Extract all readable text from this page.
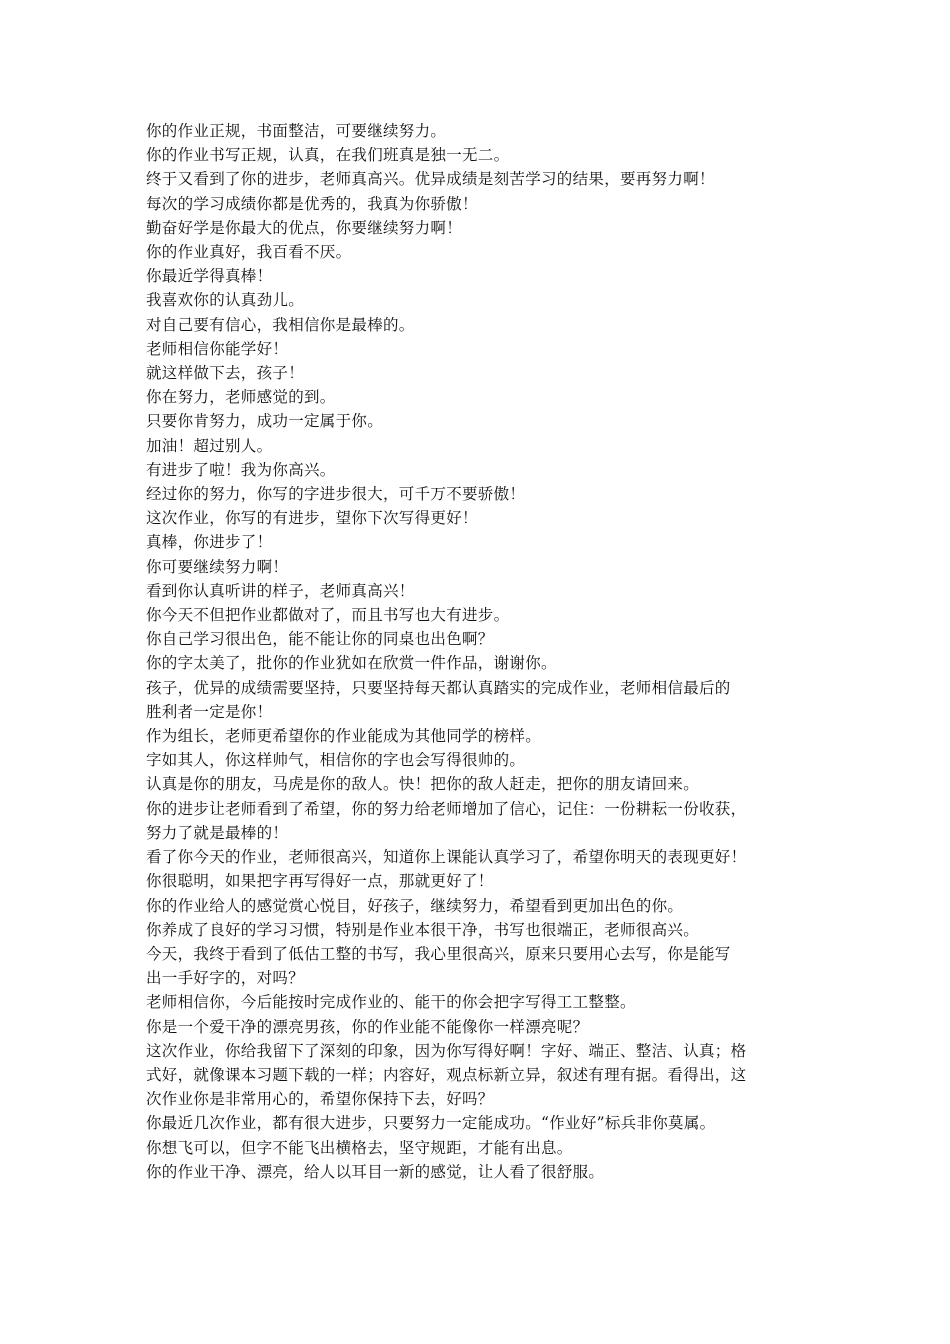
你的作业正规，书面整洁，可要继续努力。

你的作业书写正规，认真，在我们班真是独一无二。

终于又看到了你的进步，老师真高兴。优异成绩是刻苦学习的结果，要再努力啊！

每次的学习成绩你都是优秀的，我真为你骄傲！

勤奋好学是你最大的优点，你要继续努力啊！

你的作业真好，我百看不厌。

你最近学得真棒！

我喜欢你的认真劲儿。

对自己要有信心，我相信你是最棒的。

老师相信你能学好！

就这样做下去，孩子！

你在努力，老师感觉的到。

只要你肯努力，成功一定属于你。

加油！超过别人。

有进步了啦！我为你高兴。

经过你的努力，你写的字进步很大，可千万不要骄傲！

这次作业，你写的有进步，望你下次写得更好！

真棒，你进步了！

你可要继续努力啊！

看到你认真听讲的样子，老师真高兴！

你今天不但把作业都做对了，而且书写也大有进步。

你自己学习很出色，能不能让你的同桌也出色啊？

你的字太美了，批你的作业犹如在欣赏一件作品，谢谢你。

孩子，优异的成绩需要坚持，只要坚持每天都认真踏实的完成作业，老师相信最后的

胜利者一定是你！

作为组长，老师更希望你的作业能成为其他同学的榜样。

字如其人，你这样帅气，相信你的字也会写得很帅的。

认真是你的朋友，马虎是你的敌人。快！把你的敌人赶走，把你的朋友请回来。

你的进步让老师看到了希望，你的努力给老师增加了信心，记住：一份耕耘一份收获，

努力了就是最棒的！

看了你今天的作业，老师很高兴，知道你上课能认真学习了，希望你明天的表现更好！

你很聪明，如果把字再写得好一点，那就更好了！

你的作业给人的感觉赏心悦目，好孩子，继续努力，希望看到更加出色的你。

你养成了良好的学习习惯，特别是作业本很干净，书写也很端正，老师很高兴。

今天，我终于看到了低估工整的书写，我心里很高兴，原来只要用心去写，你是能写

出一手好字的，对吗？

老师相信你，今后能按时完成作业的、能干的你会把字写得工工整整。

你是一个爱干净的漂亮男孩，你的作业能不能像你一样漂亮呢？

这次作业，你给我留下了深刻的印象，因为你写得好啊！字好、端正、整洁、认真；格

式好，就像课本习题下载的一样；内容好，观点标新立异，叙述有理有据。看得出，这

次作业你是非常用心的，希望你保持下去，好吗？

你最近几次作业，都有很大进步，只要努力一定能成功。“作业好”标兵非你莫属。

你想飞可以，但字不能飞出横格去，坚守规距，才能有出息。

你的作业干净、漂亮，给人以耳目一新的感觉，让人看了很舒服。
